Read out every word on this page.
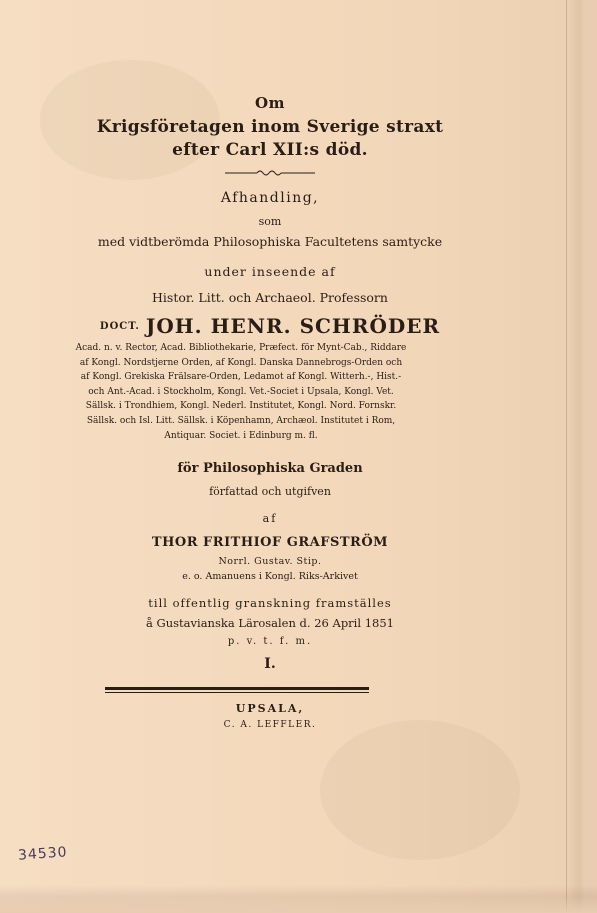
Om
Krigsföretagen inom Sverige straxt
efter Carl XII:s död.
Afhandling,
som
med vidtberömda Philosophiska Facultetens samtycke
under inseende af
Histor. Litt. och Archaeol. Professorn
DOCT. JOH. HENR. SCHRÖDER
Acad. n. v. Rector, Acad. Bibliothekarie, Præfect. för Mynt-Cab., Riddare
af Kongl. Nordstjerne Orden, af Kongl. Danska Dannebrogs-Orden och
af Kongl. Grekiska Frälsare-Orden, Ledamot af Kongl. Witterh.-, Hist.-
och Ant.-Acad. i Stockholm, Kongl. Vet.-Societ i Upsala, Kongl. Vet.
Sällsk. i Trondhiem, Kongl. Nederl. Institutet, Kongl. Nord. Fornskr.
Sällsk. och Isl. Litt. Sällsk. i Köpenhamn, Archæol. Institutet i Rom,
Antiquar. Societ. i Edinburg m. fl.
för Philosophiska Graden
författad och utgifven
af
THOR FRITHIOF GRAFSTRÖM
Norrl. Gustav. Stip.
e. o. Amanuens i Kongl. Riks-Arkivet
till offentlig granskning framställes
å Gustavianska Lärosalen d. 26 April 1851
p. v. t. f. m.
I.
UPSALA,
C. A. LEFFLER.
34530
